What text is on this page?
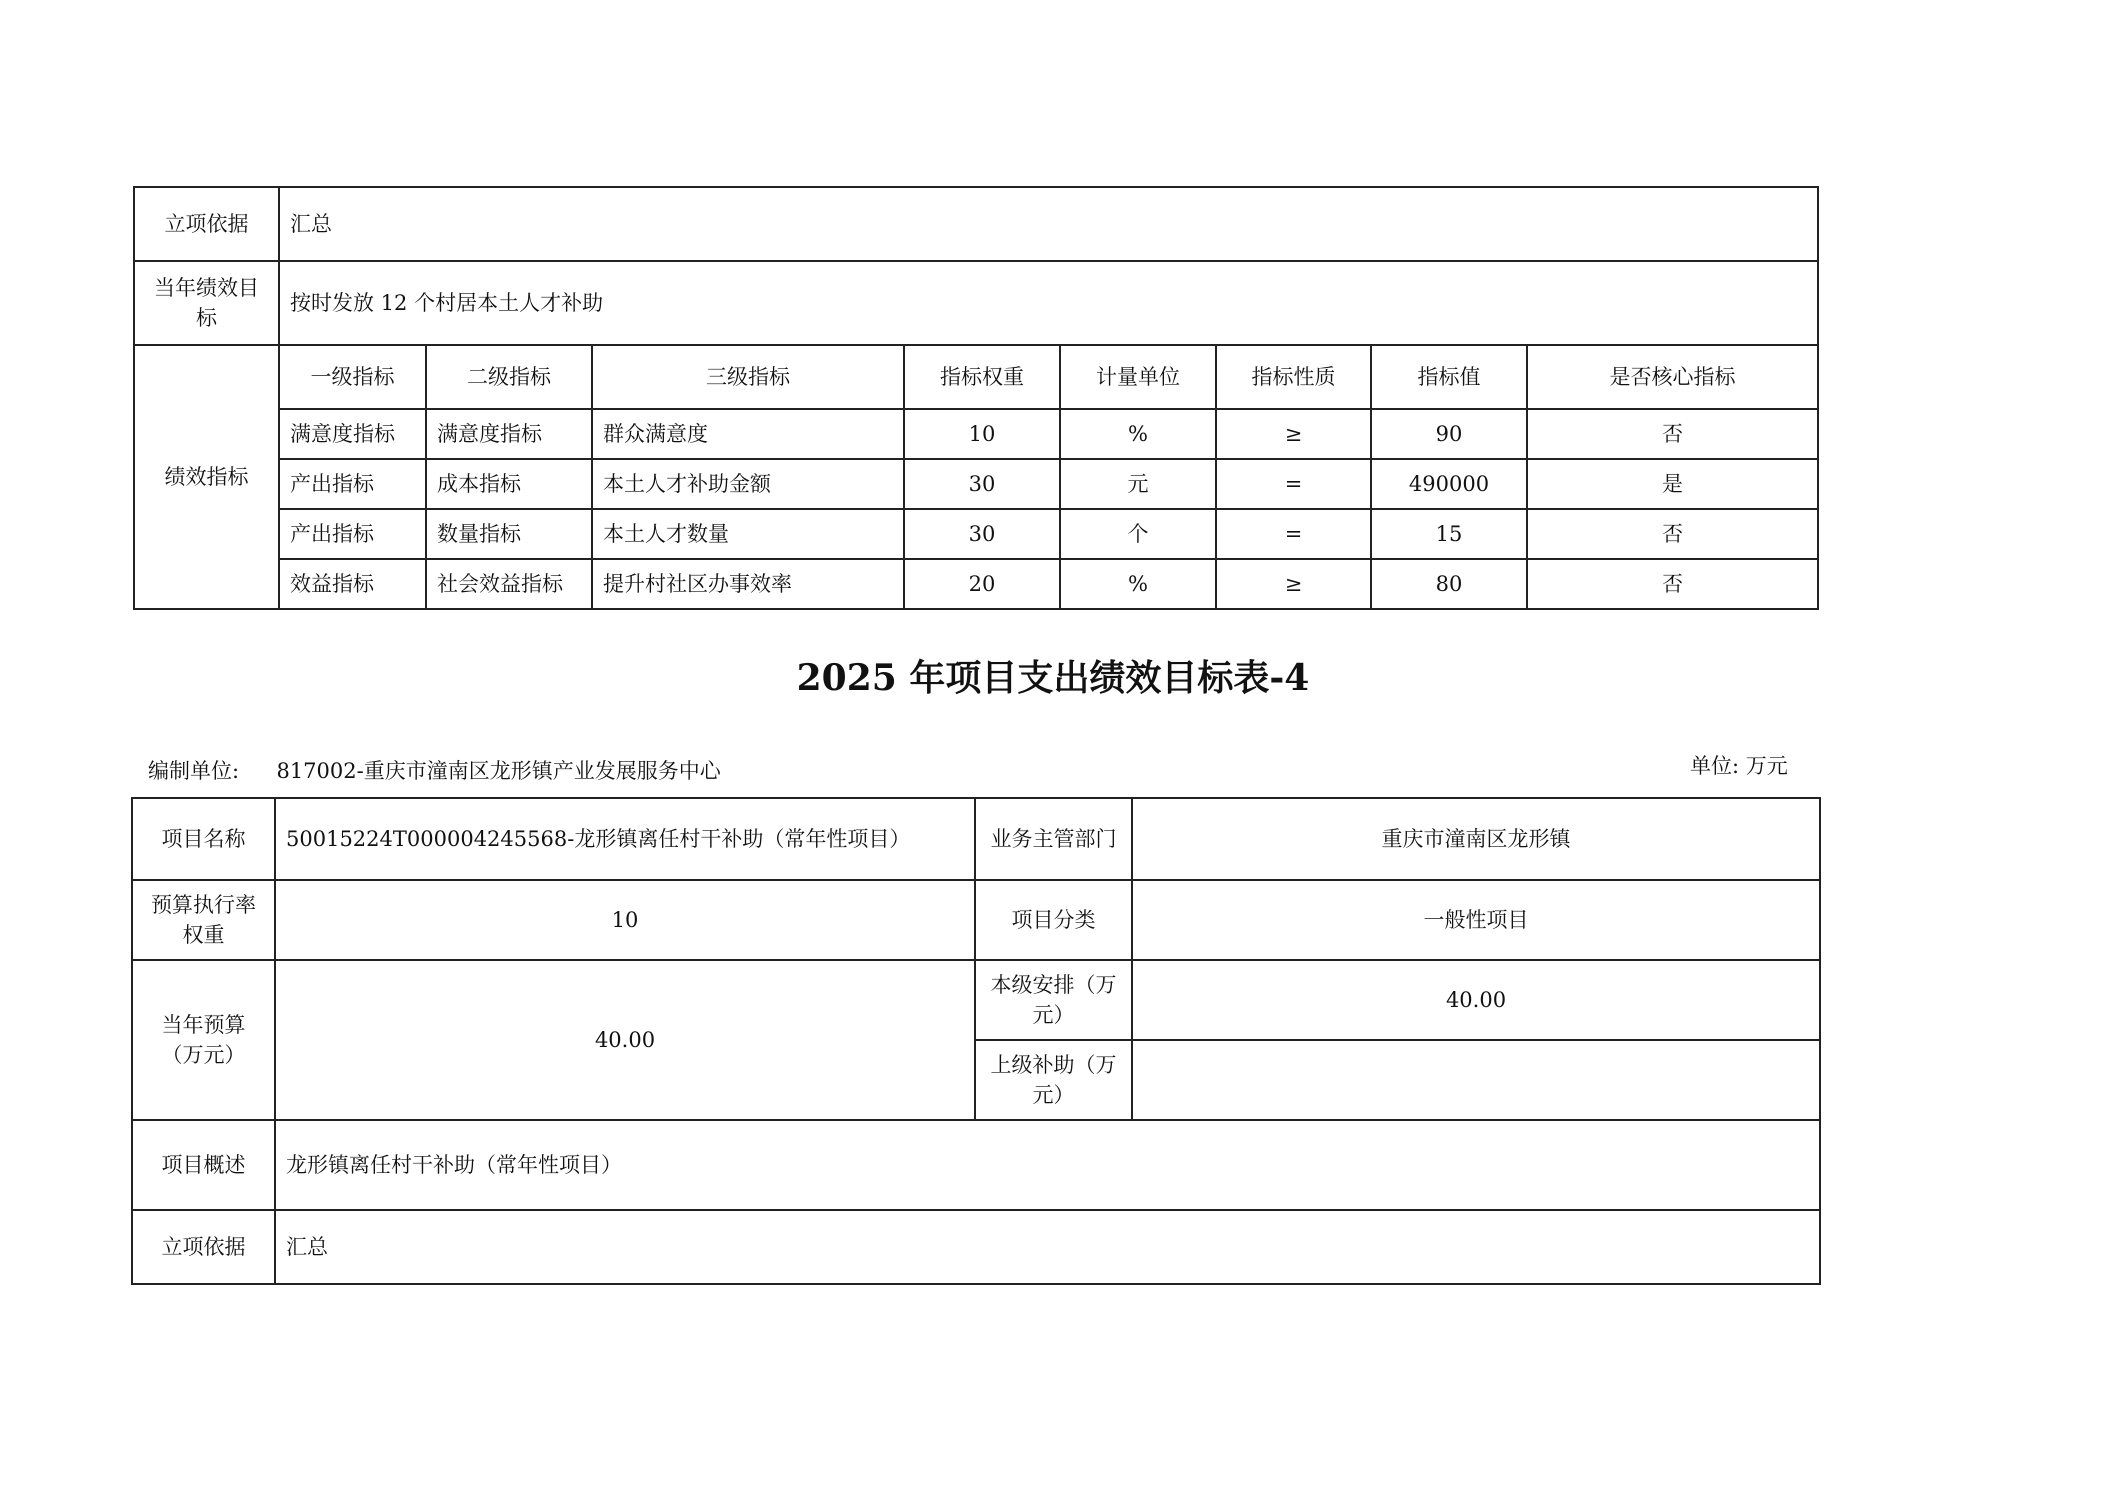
立项依据	汇总							
当年绩效目标	按时发放 12 个村居本土人才补助							
绩效指标	一级指标	二级指标	三级指标	指标权重	计量单位	指标性质	指标值	是否核心指标
	满意度指标	满意度指标	群众满意度	10	%	≥	90	否
	产出指标	成本指标	本土人才补助金额	30	元	=	490000	是
	产出指标	数量指标	本土人才数量	30	个	=	15	否
	效益指标	社会效益指标	提升村社区办事效率	20	%	≥	80	否
2025 年项目支出绩效目标表-4
编制单位: 817002-重庆市潼南区龙形镇产业发展服务中心	单位: 万元
项目名称	50015224T000004245568-龙形镇离任村干补助（常年性项目）	业务主管部门	重庆市潼南区龙形镇
预算执行率权重	10	项目分类	一般性项目
当年预算（万元）	40.00	本级安排（万元）	40.00
		上级补助（万元）	
项目概述	龙形镇离任村干补助（常年性项目）		
立项依据	汇总		
